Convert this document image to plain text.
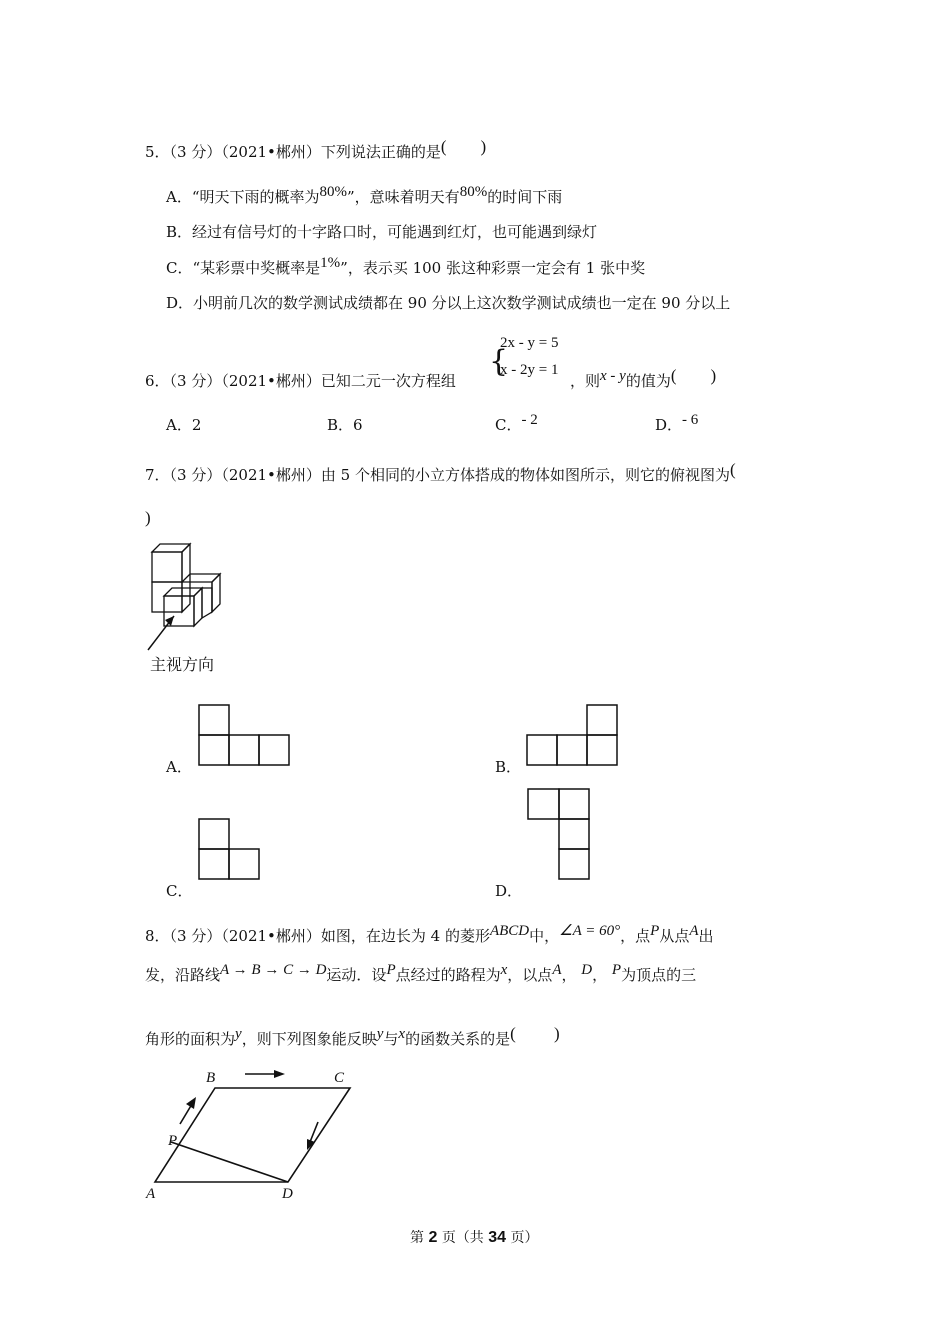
5．（3 分）（2021•郴州）下列说法正确的是(        )
A．“明天下雨的概率为80%”，意味着明天有80%的时间下雨
B．经过有信号灯的十字路口时，可能遇到红灯，也可能遇到绿灯
C．“某彩票中奖概率是1%”，表示买 100 张这种彩票一定会有 1 张中奖
D．小明前几次的数学测试成绩都在 90 分以上这次数学测试成绩也一定在 90 分以上
6．（3 分）（2021•郴州）已知二元一次方程组
{
2x - y = 5
x - 2y = 1
，则x - y的值为(        )
A．2	B．6	C．- 2	D．- 6
7．（3 分）（2021•郴州）由 5 个相同的小立方体搭成的物体如图所示，则它的俯视图为(
)
主视方向
A．	B．
C．	D．
8．（3 分）（2021•郴州）如图，在边长为 4 的菱形ABCD中，∠A = 60°，点P从点A出
发，沿路线A → B → C → D运动．设P点经过的路程为x，以点A， D， P为顶点的三
角形的面积为y，则下列图象能反映y与x的函数关系的是(         )
B	C
A	D
P
第 2 页（共 34 页）
